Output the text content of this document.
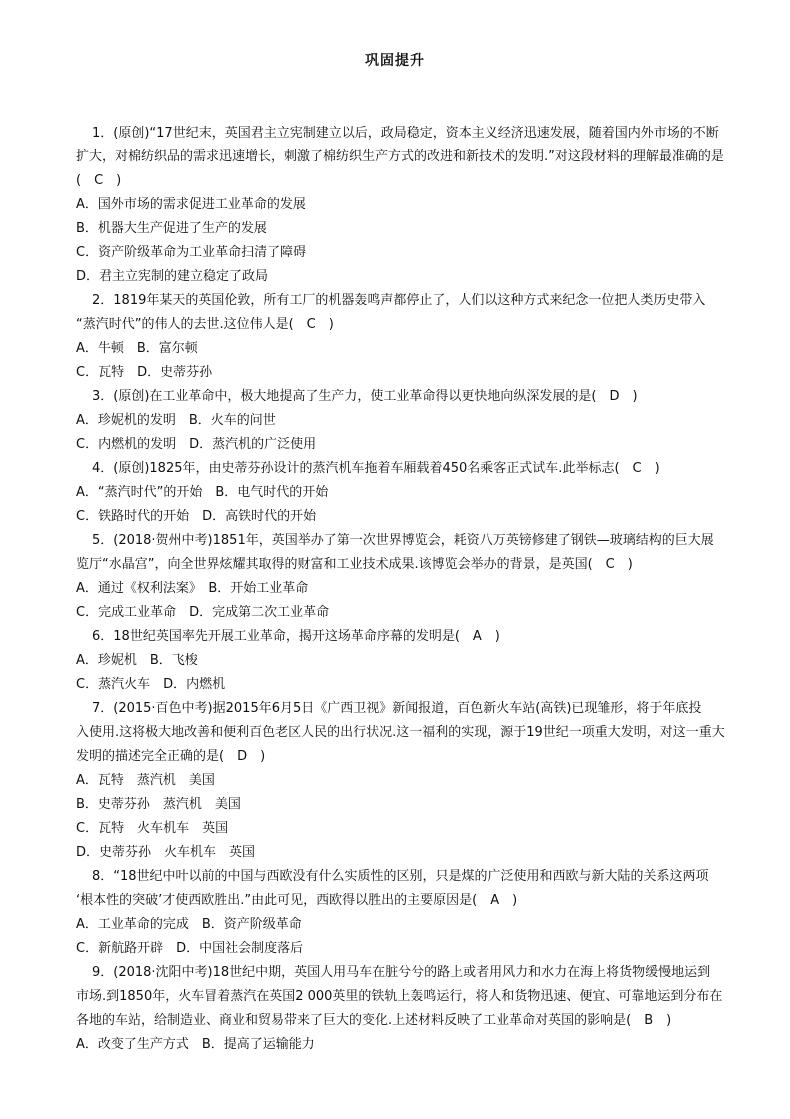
巩固提升
1．(原创)“17世纪末，英国君主立宪制建立以后，政局稳定，资本主义经济迅速发展，随着国内外市场的不断
扩大，对棉纺织品的需求迅速增长，刺激了棉纺织生产方式的改进和新技术的发明.”对这段材料的理解最准确的是
(　C　)
A．国外市场的需求促进工业革命的发展
B．机器大生产促进了生产的发展
C．资产阶级革命为工业革命扫清了障碍
D．君主立宪制的建立稳定了政局
2．1819年某天的英国伦敦，所有工厂的机器轰鸣声都停止了，人们以这种方式来纪念一位把人类历史带入
“蒸汽时代”的伟人的去世.这位伟人是(　C　)
A．牛顿　B．富尔顿
C．瓦特　D．史蒂芬孙
3．(原创)在工业革命中，极大地提高了生产力，使工业革命得以更快地向纵深发展的是(　D　)
A．珍妮机的发明　B．火车的问世
C．内燃机的发明　D．蒸汽机的广泛使用
4．(原创)1825年，由史蒂芬孙设计的蒸汽机车拖着车厢载着450名乘客正式试车.此举标志(　C　)
A．“蒸汽时代”的开始　B．电气时代的开始
C．铁路时代的开始　D．高铁时代的开始
5．(2018·贺州中考)1851年，英国举办了第一次世界博览会，耗资八万英镑修建了钢铁—玻璃结构的巨大展
览厅“水晶宫”，向全世界炫耀其取得的财富和工业技术成果.该博览会举办的背景，是英国(　C　)
A．通过《权利法案》　B．开始工业革命
C．完成工业革命　D．完成第二次工业革命
6．18世纪英国率先开展工业革命，揭开这场革命序幕的发明是(　A　)
A．珍妮机　B．飞梭
C．蒸汽火车　D．内燃机
7．(2015·百色中考)据2015年6月5日《广西卫视》新闻报道，百色新火车站(高铁)已现雏形，将于年底投
入使用.这将极大地改善和便利百色老区人民的出行状况.这一福利的实现，源于19世纪一项重大发明，对这一重大
发明的描述完全正确的是(　D　)
A．瓦特　蒸汽机　美国
B．史蒂芬孙　蒸汽机　美国
C．瓦特　火车机车　英国
D．史蒂芬孙　火车机车　英国
8．“18世纪中叶以前的中国与西欧没有什么实质性的区别，只是煤的广泛使用和西欧与新大陆的关系这两项
‘根本性的突破’才使西欧胜出.”由此可见，西欧得以胜出的主要原因是(　A　)
A．工业革命的完成　B．资产阶级革命
C．新航路开辟　D．中国社会制度落后
9．(2018·沈阳中考)18世纪中期，英国人用马车在脏兮兮的路上或者用风力和水力在海上将货物缓慢地运到
市场.到1850年，火车冒着蒸汽在英国2 000英里的铁轨上轰鸣运行，将人和货物迅速、便宜、可靠地运到分布在
各地的车站，给制造业、商业和贸易带来了巨大的变化.上述材料反映了工业革命对英国的影响是(　B　)
A．改变了生产方式　B．提高了运输能力
